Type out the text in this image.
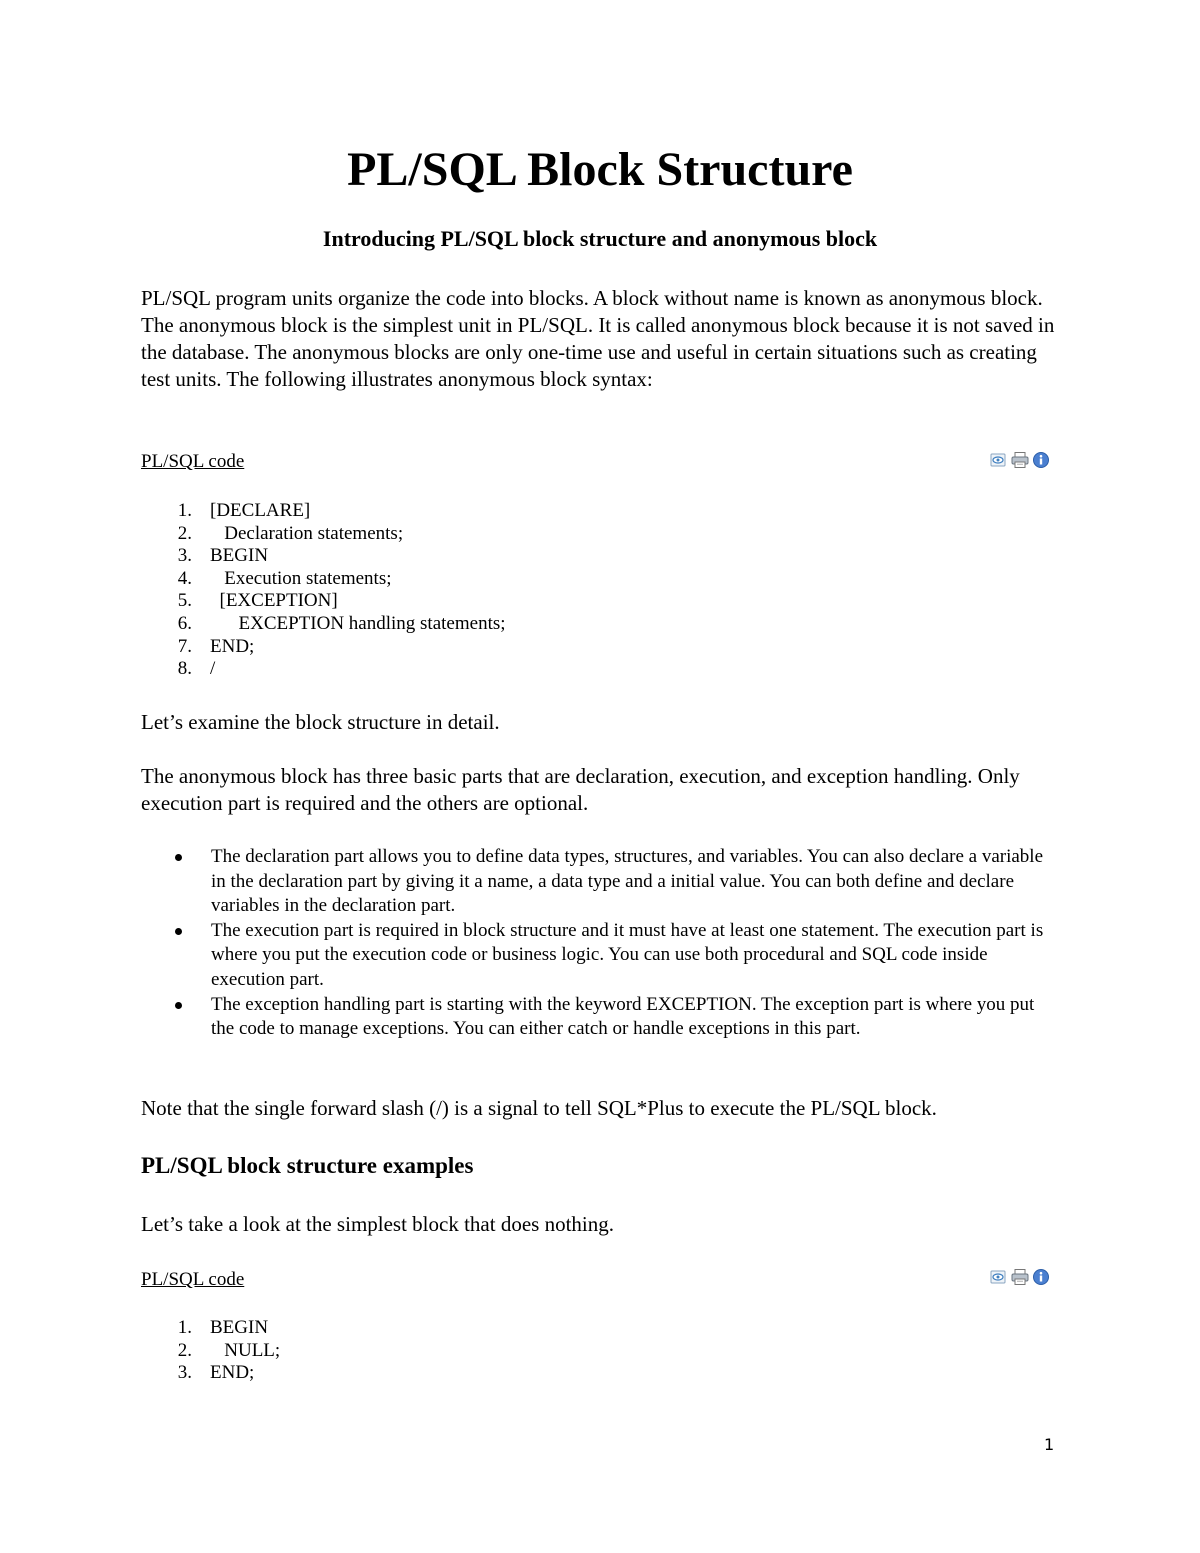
PL/SQL Block Structure
Introducing PL/SQL block structure and anonymous block

PL/SQL program units organize the code into blocks. A block without name is known as anonymous block. The anonymous block is the simplest unit in PL/SQL. It is called anonymous block because it is not saved in the database. The anonymous blocks are only one-time use and useful in certain situations such as creating test units. The following illustrates anonymous block syntax:

PL/SQL code
1. [DECLARE]
2. Declaration statements;
3. BEGIN
4. Execution statements;
5. [EXCEPTION]
6. EXCEPTION handling statements;
7. END;
8. /

Let’s examine the block structure in detail.

The anonymous block has three basic parts that are declaration, execution, and exception handling. Only execution part is required and the others are optional.

The declaration part allows you to define data types, structures, and variables. You can also declare a variable in the declaration part by giving it a name, a data type and a initial value. You can both define and declare variables in the declaration part.
The execution part is required in block structure and it must have at least one statement. The execution part is where you put the execution code or business logic. You can use both procedural and SQL code inside execution part.
The exception handling part is starting with the keyword EXCEPTION. The exception part is where you put the code to manage exceptions. You can either catch or handle exceptions in this part.

Note that the single forward slash (/) is a signal to tell SQL*Plus to execute the PL/SQL block.

PL/SQL block structure examples

Let’s take a look at the simplest block that does nothing.

PL/SQL code
1. BEGIN
2. NULL;
3. END;
1
